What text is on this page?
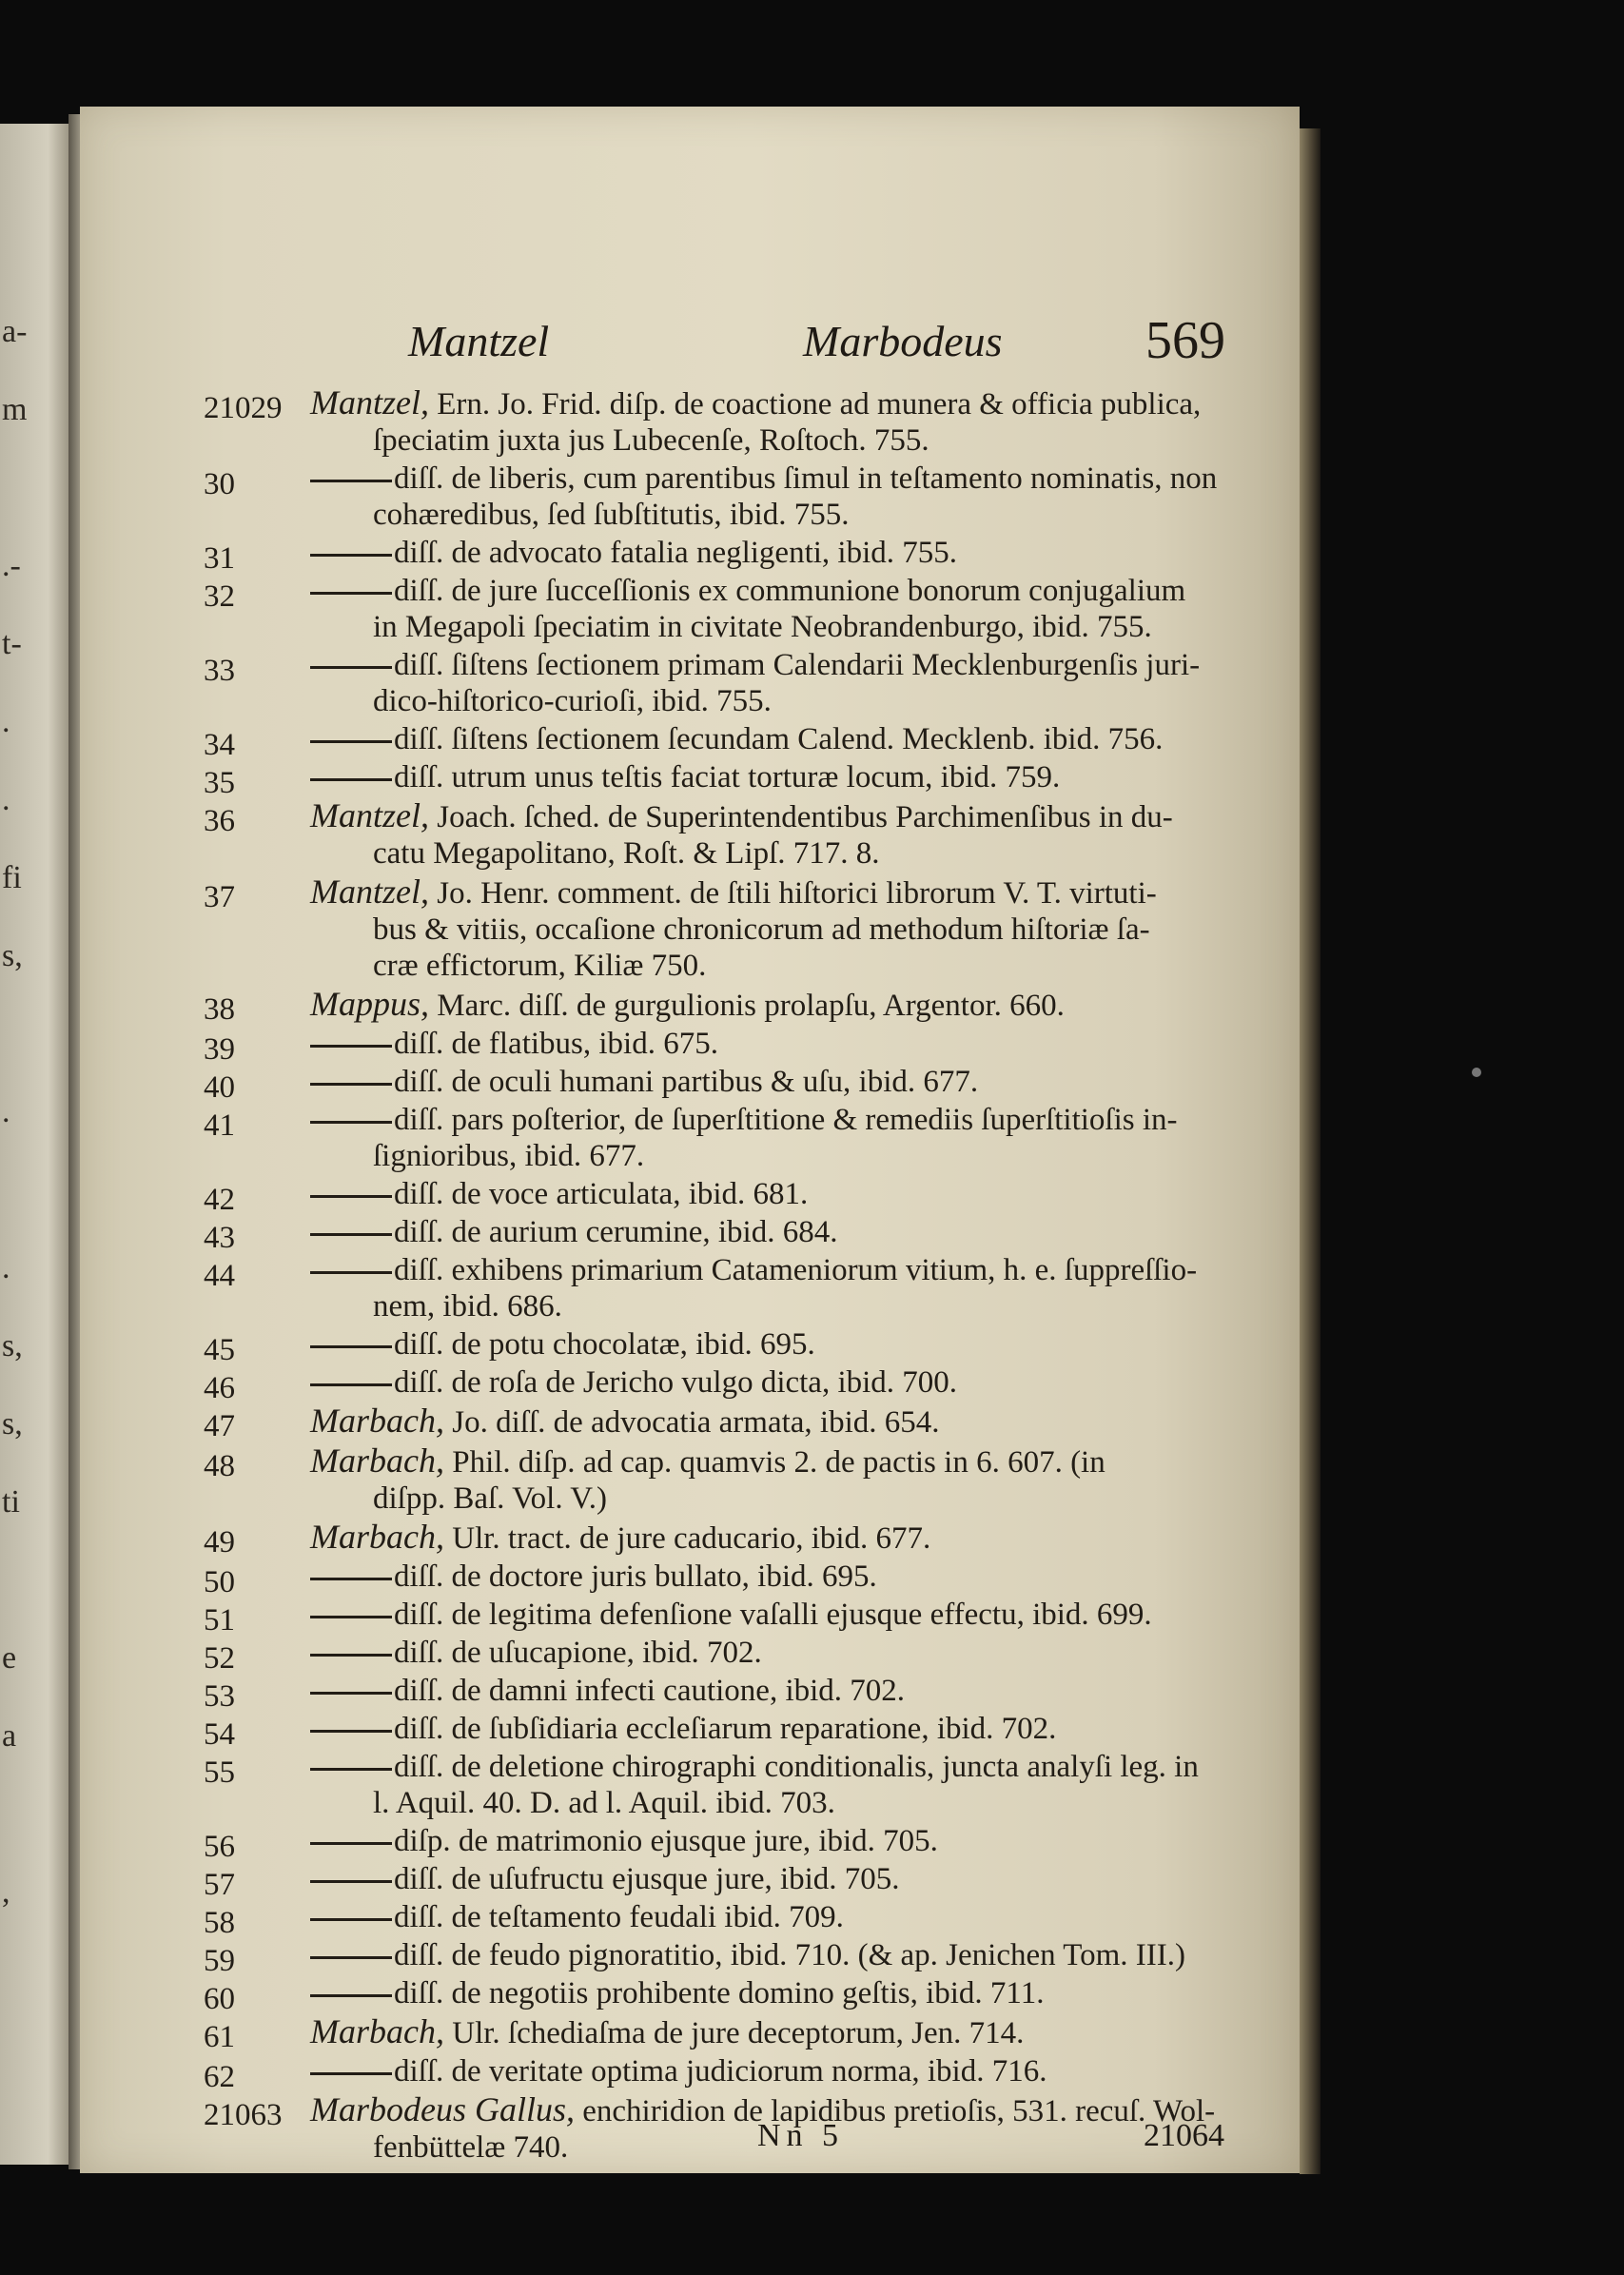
a-
m
.-
t-
.
.
fi
s,
.
.
s,
s,
ti
e
a
,
Mantzel	Marbodeus	569
21029 Mantzel, Ern. Jo. Frid. diſp. de coactione ad munera & officia publica,
ſpeciatim juxta jus Lubecenſe, Roſtoch. 755.
30	diſſ. de liberis, cum parentibus ſimul in teſtamento nominatis, non
cohæredibus, ſed ſubſtitutis, ibid. 755.
31	diſſ. de advocato fatalia negligenti, ibid. 755.
32	diſſ. de jure ſucceſſionis ex communione bonorum conjugalium
in Megapoli ſpeciatim in civitate Neobrandenburgo, ibid. 755.
33	diſſ. ſiſtens ſectionem primam Calendarii Mecklenburgenſis juri-
dico-hiſtorico-curioſi, ibid. 755.
34	diſſ. ſiſtens ſectionem ſecundam Calend. Mecklenb. ibid. 756.
35	diſſ. utrum unus teſtis faciat torturæ locum, ibid. 759.
36	Mantzel, Joach. ſched. de Superintendentibus Parchimenſibus in du-
catu Megapolitano, Roſt. & Lipſ. 717. 8.
37	Mantzel, Jo. Henr. comment. de ſtili hiſtorici librorum V. T. virtuti-
bus & vitiis, occaſione chronicorum ad methodum hiſtoriæ ſa-
cræ effictorum, Kiliæ 750.
38	Mappus, Marc. diſſ. de gurgulionis prolapſu, Argentor. 660.
39	diſſ. de flatibus, ibid. 675.
40	diſſ. de oculi humani partibus & uſu, ibid. 677.
41	diſſ. pars poſterior, de ſuperſtitione & remediis ſuperſtitioſis in-
ſignioribus, ibid. 677.
42	diſſ. de voce articulata, ibid. 681.
43	diſſ. de aurium cerumine, ibid. 684.
44	diſſ. exhibens primarium Catameniorum vitium, h. e. ſuppreſſio-
nem, ibid. 686.
45	diſſ. de potu chocolatæ, ibid. 695.
46	diſſ. de roſa de Jericho vulgo dicta, ibid. 700.
47	Marbach, Jo. diſſ. de advocatia armata, ibid. 654.
48	Marbach, Phil. diſp. ad cap. quamvis 2. de pactis in 6. 607. (in
diſpp. Baſ. Vol. V.)
49	Marbach, Ulr. tract. de jure caducario, ibid. 677.
50	diſſ. de doctore juris bullato, ibid. 695.
51	diſſ. de legitima defenſione vaſalli ejusque effectu, ibid. 699.
52	diſſ. de uſucapione, ibid. 702.
53	diſſ. de damni infecti cautione, ibid. 702.
54	diſſ. de ſubſidiaria eccleſiarum reparatione, ibid. 702.
55	diſſ. de deletione chirographi conditionalis, juncta analyſi leg. in
l. Aquil. 40. D. ad l. Aquil. ibid. 703.
56	diſp. de matrimonio ejusque jure, ibid. 705.
57	diſſ. de uſufructu ejusque jure, ibid. 705.
58	diſſ. de teſtamento feudali ibid. 709.
59	diſſ. de feudo pignoratitio, ibid. 710. (& ap. Jenichen Tom. III.)
60	diſſ. de negotiis prohibente domino geſtis, ibid. 711.
61	Marbach, Ulr. ſchediaſma de jure deceptorum, Jen. 714.
62	diſſ. de veritate optima judiciorum norma, ibid. 716.
21063 Marbodeus Gallus, enchiridion de lapidibus pretioſis, 531. recuſ. Wol-
fenbüttelæ 740.	Nn 5	21064
